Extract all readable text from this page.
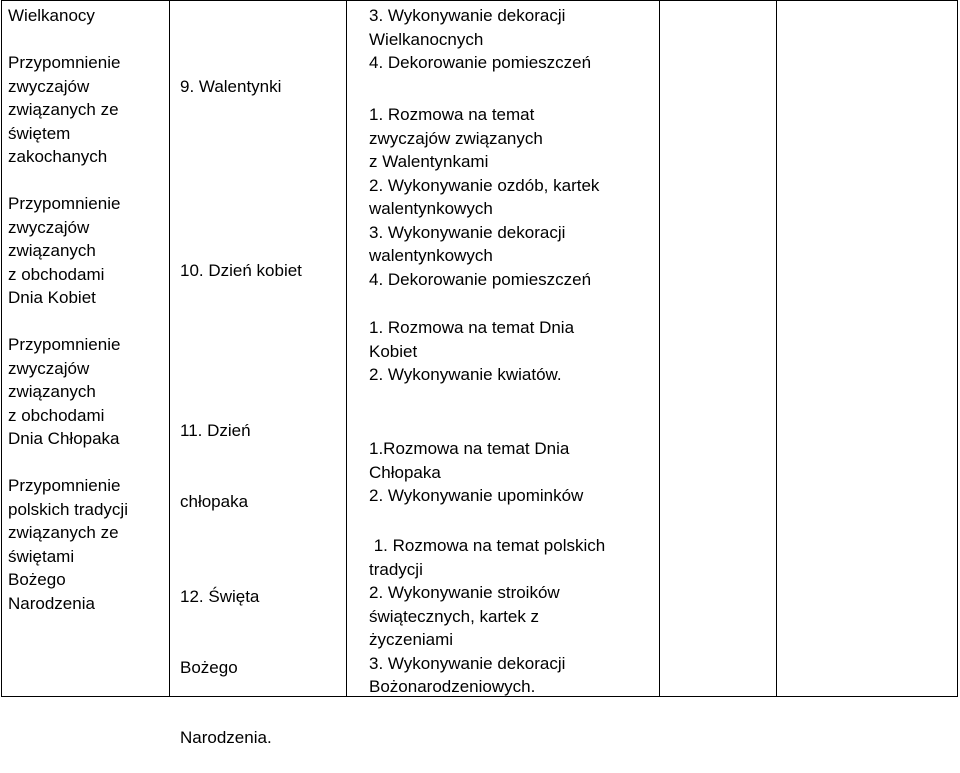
Wielkanocy
Przypomnienie
zwyczajów
związanych ze
świętem
zakochanych
Przypomnienie
zwyczajów
związanych
z obchodami
Dnia Kobiet
Przypomnienie
zwyczajów
związanych
z obchodami
Dnia Chłopaka
Przypomnienie
polskich tradycji
związanych ze
świętami
Bożego
Narodzenia
9. Walentynki
10. Dzień kobiet

11. Dzień

chłopaka

12. Święta

Bożego

Narodzenia.

3. Wykonywanie dekoracji
Wielkanocnych
4. Dekorowanie pomieszczeń
1. Rozmowa na temat
zwyczajów związanych
z Walentynkami
2. Wykonywanie ozdób, kartek
walentynkowych
3. Wykonywanie dekoracji
walentynkowych
4. Dekorowanie pomieszczeń
1. Rozmowa na temat Dnia
Kobiet
2. Wykonywanie kwiatów.
1.Rozmowa na temat Dnia
Chłopaka
2. Wykonywanie upominków
1. Rozmowa na temat polskich
tradycji
2. Wykonywanie stroików
świątecznych, kartek z
życzeniami
3. Wykonywanie dekoracji
Bożonarodzeniowych.
